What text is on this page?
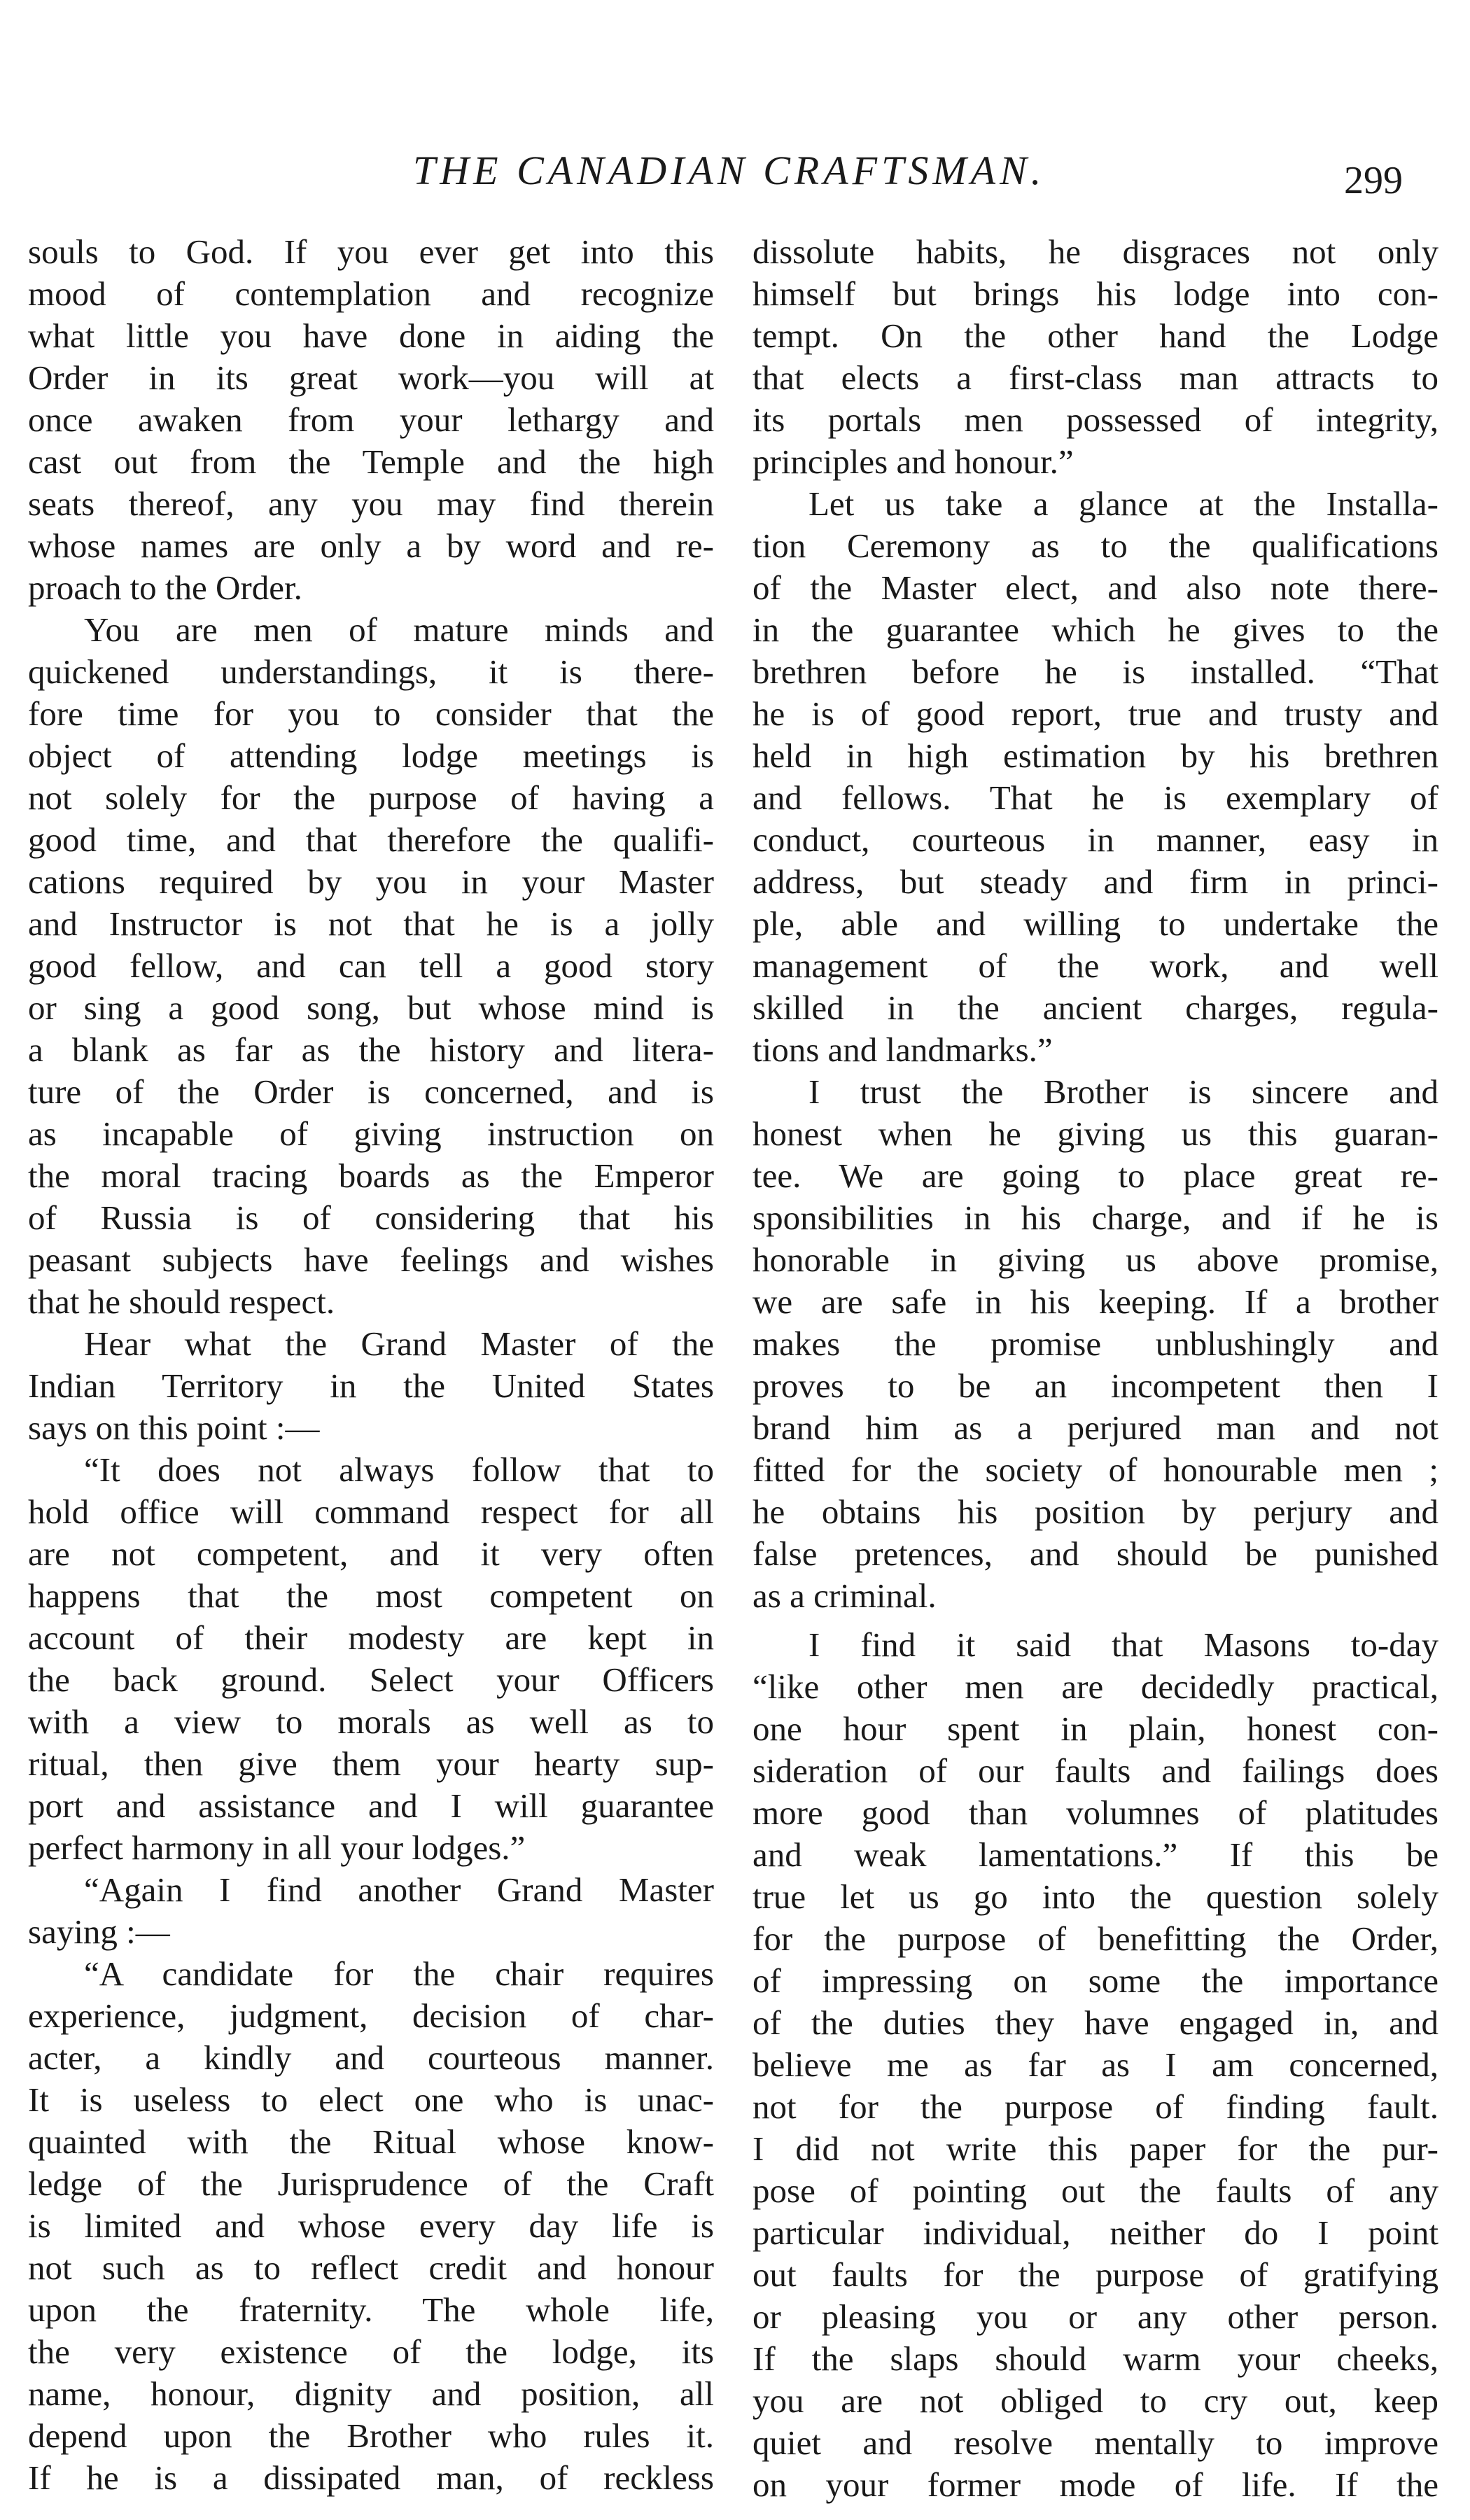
THE CANADIAN CRAFTSMAN.	299
souls to God. If you ever get into this
mood of contemplation and recognize
what little you have done in aiding the
Order in its great work—you will at
once awaken from your lethargy and
cast out from the Temple and the high
seats thereof, any you may find therein
whose names are only a by word and re-
proach to the Order.
You are men of mature minds and
quickened understandings, it is there-
fore time for you to consider that the
object of attending lodge meetings is
not solely for the purpose of having a
good time, and that therefore the qualifi-
cations required by you in your Master
and Instructor is not that he is a jolly
good fellow, and can tell a good story
or sing a good song, but whose mind is
a blank as far as the history and litera-
ture of the Order is concerned, and is
as incapable of giving instruction on
the moral tracing boards as the Emperor
of Russia is of considering that his
peasant subjects have feelings and wishes
that he should respect.
Hear what the Grand Master of the
Indian Territory in the United States
says on this point :—
“It does not always follow that to
hold office will command respect for all
are not competent, and it very often
happens that the most competent on
account of their modesty are kept in
the back ground. Select your Officers
with a view to morals as well as to
ritual, then give them your hearty sup-
port and assistance and I will guarantee
perfect harmony in all your lodges.”
“Again I find another Grand Master
saying :—
“A candidate for the chair requires
experience, judgment, decision of char-
acter, a kindly and courteous manner.
It is useless to elect one who is unac-
quainted with the Ritual whose know-
ledge of the Jurisprudence of the Craft
is limited and whose every day life is
not such as to reflect credit and honour
upon the fraternity. The whole life,
the very existence of the lodge, its
name, honour, dignity and position, all
depend upon the Brother who rules it.
If he is a dissipated man, of reckless
dissolute habits, he disgraces not only
himself but brings his lodge into con-
tempt. On the other hand the Lodge
that elects a first-class man attracts to
its portals men possessed of integrity,
principles and honour.”
Let us take a glance at the Installa-
tion Ceremony as to the qualifications
of the Master elect, and also note there-
in the guarantee which he gives to the
brethren before he is installed. “That
he is of good report, true and trusty and
held in high estimation by his brethren
and fellows. That he is exemplary of
conduct, courteous in manner, easy in
address, but steady and firm in princi-
ple, able and willing to undertake the
management of the work, and well
skilled in the ancient charges, regula-
tions and landmarks.”
I trust the Brother is sincere and
honest when he giving us this guaran-
tee. We are going to place great re-
sponsibilities in his charge, and if he is
honorable in giving us above promise,
we are safe in his keeping. If a brother
makes the promise unblushingly and
proves to be an incompetent then I
brand him as a perjured man and not
fitted for the society of honourable men ;
he obtains his position by perjury and
false pretences, and should be punished
as a criminal.
I find it said that Masons to-day
“like other men are decidedly practical,
one hour spent in plain, honest con-
sideration of our faults and failings does
more good than volumnes of platitudes
and weak lamentations.” If this be
true let us go into the question solely
for the purpose of benefitting the Order,
of impressing on some the importance
of the duties they have engaged in, and
believe me as far as I am concerned,
not for the purpose of finding fault.
I did not write this paper for the pur-
pose of pointing out the faults of any
particular individual, neither do I point
out faults for the purpose of gratifying
or pleasing you or any other person.
If the slaps should warm your cheeks,
you are not obliged to cry out, keep
quiet and resolve mentally to improve
on your former mode of life. If the
